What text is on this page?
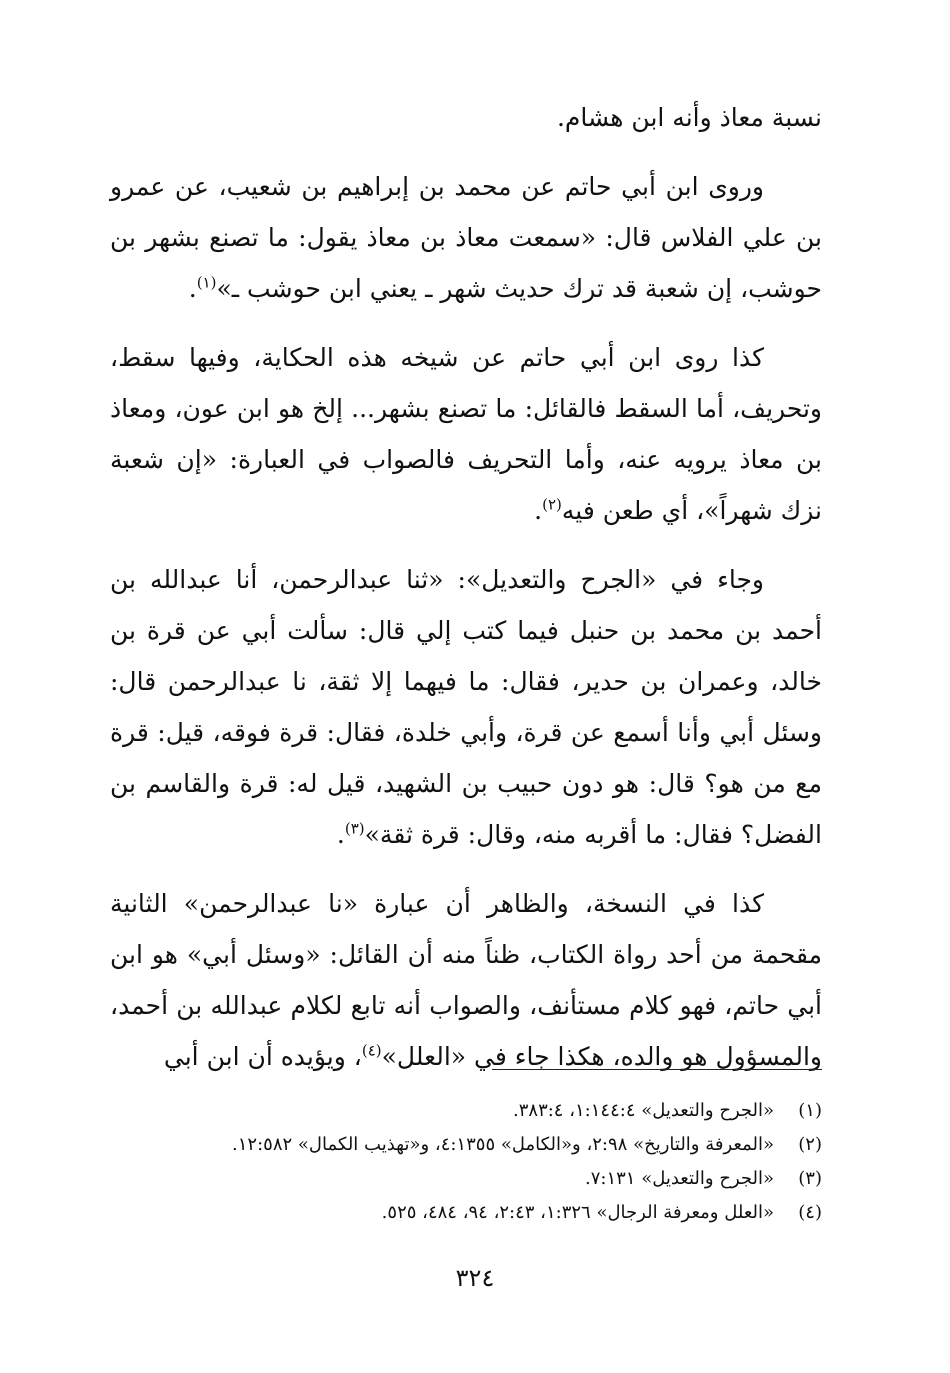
نسبة معاذ وأنه ابن هشام.

وروى ابن أبي حاتم عن محمد بن إبراهيم بن شعيب، عن عمرو بن علي الفلاس قال: «سمعت معاذ بن معاذ يقول: ما تصنع بشهر بن حوشب، إن شعبة قد ترك حديث شهر ـ يعني ابن حوشب ـ»$^{(١)}$.

كذا روى ابن أبي حاتم عن شيخه هذه الحكاية، وفيها سقط، وتحريف، أما السقط فالقائل: ما تصنع بشهر... إلخ هو ابن عون، ومعاذ بن معاذ يرويه عنه، وأما التحريف فالصواب في العبارة: «إن شعبة نزك شهراً»، أي طعن فيه$^{(٢)}$.

وجاء في «الجرح والتعديل»: «ثنا عبدالرحمن، أنا عبدالله بن أحمد بن محمد بن حنبل فيما كتب إلي قال: سألت أبي عن قرة بن خالد، وعمران بن حدير، فقال: ما فيهما إلا ثقة، نا عبدالرحمن قال: وسئل أبي وأنا أسمع عن قرة، وأبي خلدة، فقال: قرة فوقه، قيل: قرة مع من هو؟ قال: هو دون حبيب بن الشهيد، قيل له: قرة والقاسم بن الفضل؟ فقال: ما أقربه منه، وقال: قرة ثقة»$^{(٣)}$.

كذا في النسخة، والظاهر أن عبارة «نا عبدالرحمن» الثانية مقحمة من أحد رواة الكتاب، ظناً منه أن القائل: «وسئل أبي» هو ابن أبي حاتم، فهو كلام مستأنف، والصواب أنه تابع لكلام عبدالله بن أحمد، والمسؤول هو والده، هكذا جاء في «العلل»$^{(٤)}$، ويؤيده أن ابن أبي

(١)«الجرح والتعديل» ١:١٤٤:٤، ٣٨٣:٤.
(٢)«المعرفة والتاريخ» ٢:٩٨، و«الكامل» ٤:١٣٥٥، و«تهذيب الكمال» ١٢:٥٨٢.
(٣)«الجرح والتعديل» ٧:١٣١.
(٤)«العلل ومعرفة الرجال» ١:٣٢٦، ٢:٤٣، ٩٤، ٤٨٤، ٥٢٥.
٣٢٤
